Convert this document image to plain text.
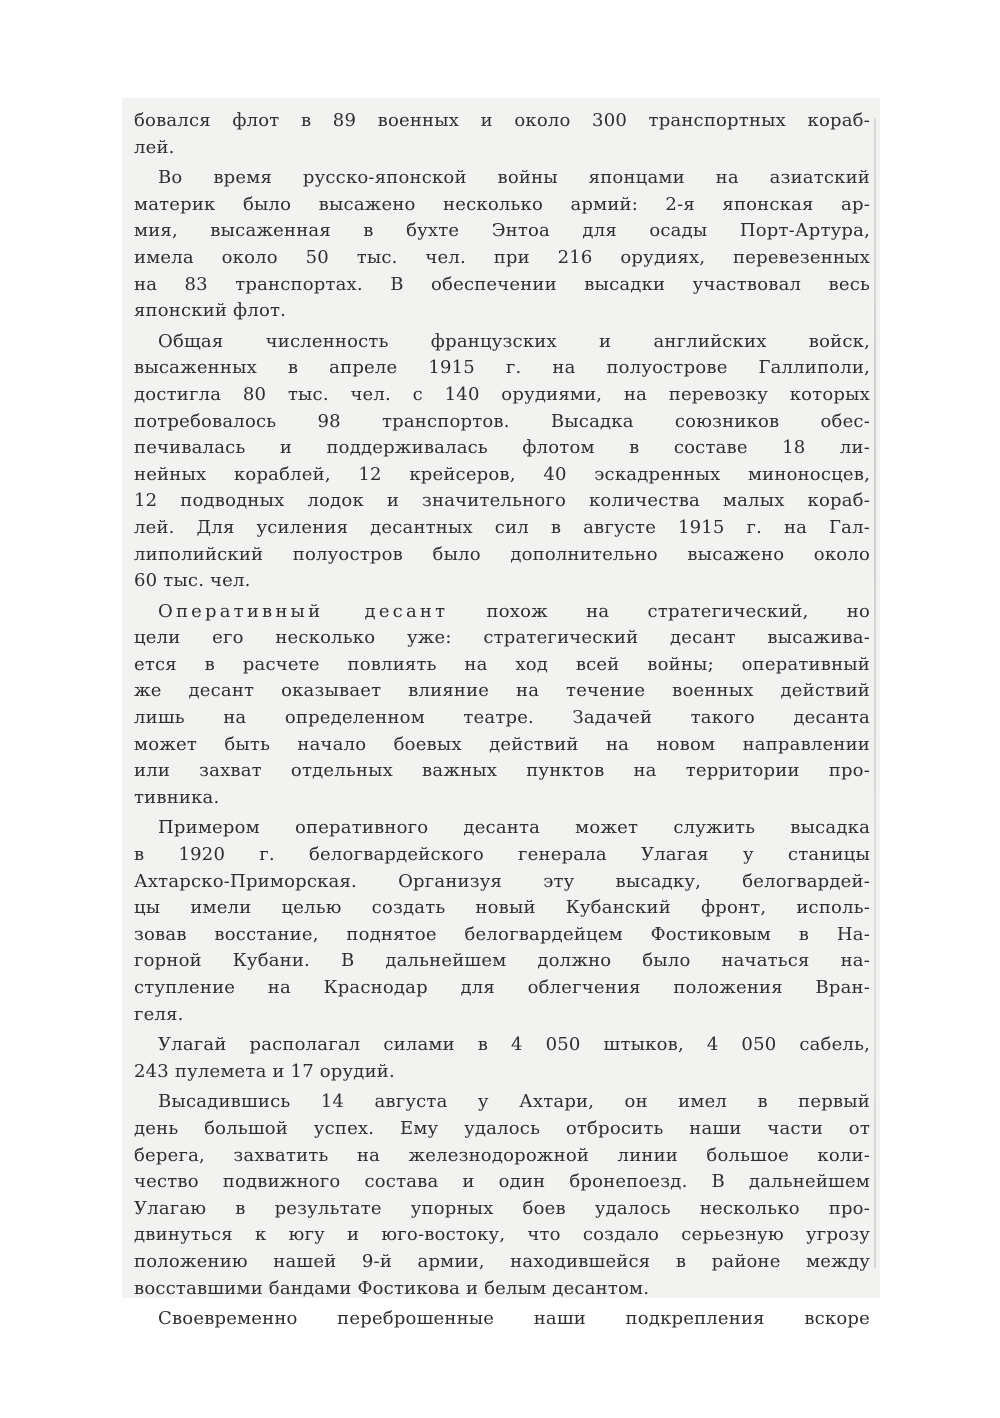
бовался флот в 89 военных и около 300 транспортных кораб-
лей.

Во время русско-японской войны японцами на азиатский
материк было высажено несколько армий: 2-я японская ар-
мия, высаженная в бухте Энтоа для осады Порт-Артура,
имела около 50 тыс. чел. при 216 орудиях, перевезенных
на 83 транспортах. В обеспечении высадки участвовал весь
японский флот.

Общая численность французских и английских войск,
высаженных в апреле 1915 г. на полуострове Галлиполи,
достигла 80 тыс. чел. с 140 орудиями, на перевозку которых
потребовалось 98 транспортов. Высадка союзников обес-
печивалась и поддерживалась флотом в составе 18 ли-
нейных кораблей, 12 крейсеров, 40 эскадренных миноносцев,
12 подводных лодок и значительного количества малых кораб-
лей. Для усиления десантных сил в августе 1915 г. на Гал-
липолийский полуостров было дополнительно высажено около
60 тыс. чел.

Оперативный десант похож на стратегический, но
цели его несколько уже: стратегический десант высажива-
ется в расчете повлиять на ход всей войны; оперативный
же десант оказывает влияние на течение военных действий
лишь на определенном театре. Задачей такого десанта
может быть начало боевых действий на новом направлении
или захват отдельных важных пунктов на территории про-
тивника.

Примером оперативного десанта может служить высадка
в 1920 г. белогвардейского генерала Улагая у станицы
Ахтарско-Приморская. Организуя эту высадку, белогвардей-
цы имели целью создать новый Кубанский фронт, исполь-
зовав восстание, поднятое белогвардейцем Фостиковым в На-
горной Кубани. В дальнейшем должно было начаться на-
ступление на Краснодар для облегчения положения Вран-
геля.

Улагай располагал силами в 4 050 штыков, 4 050 сабель,
243 пулемета и 17 орудий.

Высадившись 14 августа у Ахтари, он имел в первый
день большой успех. Ему удалось отбросить наши части от
берега, захватить на железнодорожной линии большое коли-
чество подвижного состава и один бронепоезд. В дальнейшем
Улагаю в результате упорных боев удалось несколько про-
двинуться к югу и юго-востоку, что создало серьезную угрозу
положению нашей 9-й армии, находившейся в районе между
восставшими бандами Фостикова и белым десантом.

Своевременно переброшенные наши подкрепления вскоре
